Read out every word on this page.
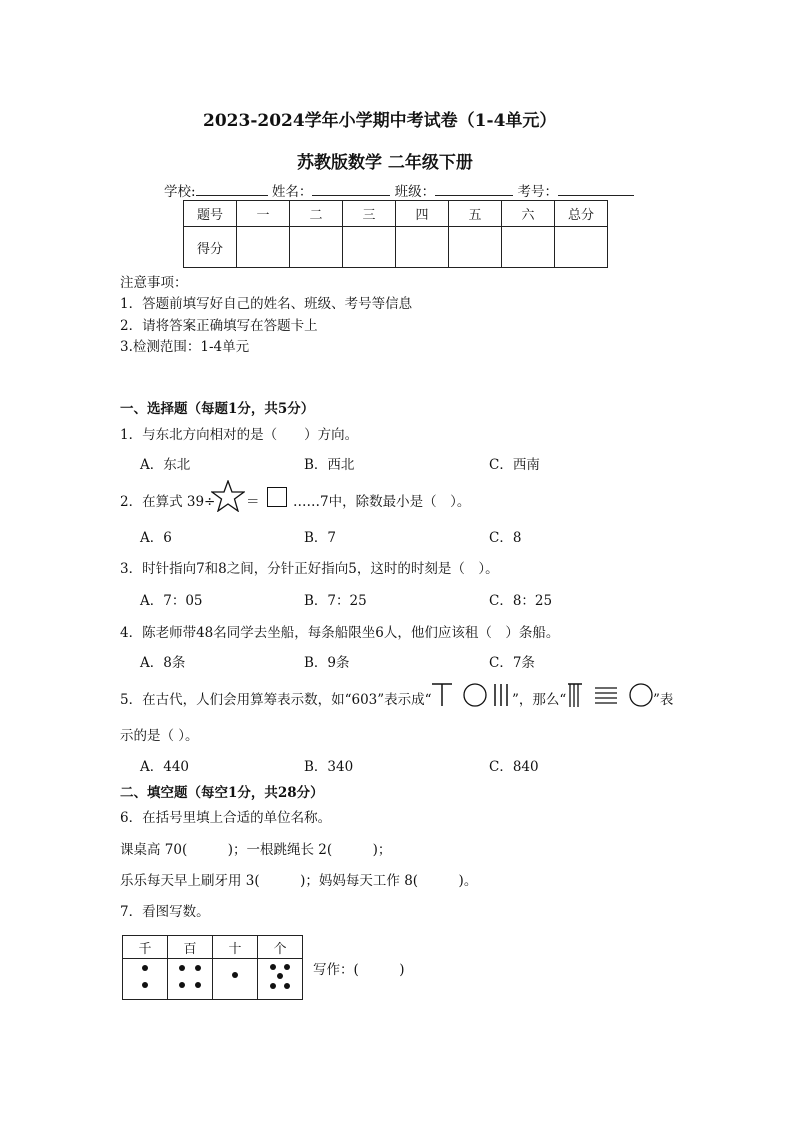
2023-2024学年小学期中考试卷（1-4单元）
苏教版数学 二年级下册
学校:	姓名：	班级：	考号：
题号	一	二	三	四	五	六	总分
得分							
注意事项：
1．答题前填写好自己的姓名、班级、考号等信息
2．请将答案正确填写在答题卡上
3.检测范围：1-4单元
一、选择题（每题1分，共5分）
1．与东北方向相对的是（　　）方向。
A．东北	B．西北	C．西南
2．在算式 39÷ ＝ ……7中，除数最小是（　）。
A．6	B．7	C．8
3．时针指向7和8之间，分针正好指向5，这时的时刻是（　）。
A．7：05	B．7：25	C．8：25
4．陈老师带48名同学去坐船，每条船限坐6人，他们应该租（　）条船。
A．8条	B．9条	C．7条
5．在古代，人们会用算筹表示数，如“603”表示成“	”，那么“	”表
示的是（ ）。
A．440	B．340	C．840
二、填空题（每空1分，共28分）
6．在括号里填上合适的单位名称。
课桌高 70(　　　)；一根跳绳长 2(　　　)；
乐乐每天早上刷牙用 3(　　　)；妈妈每天工作 8(　　　)。
7．看图写数。
千	百	十	个

写作：(　　　)
